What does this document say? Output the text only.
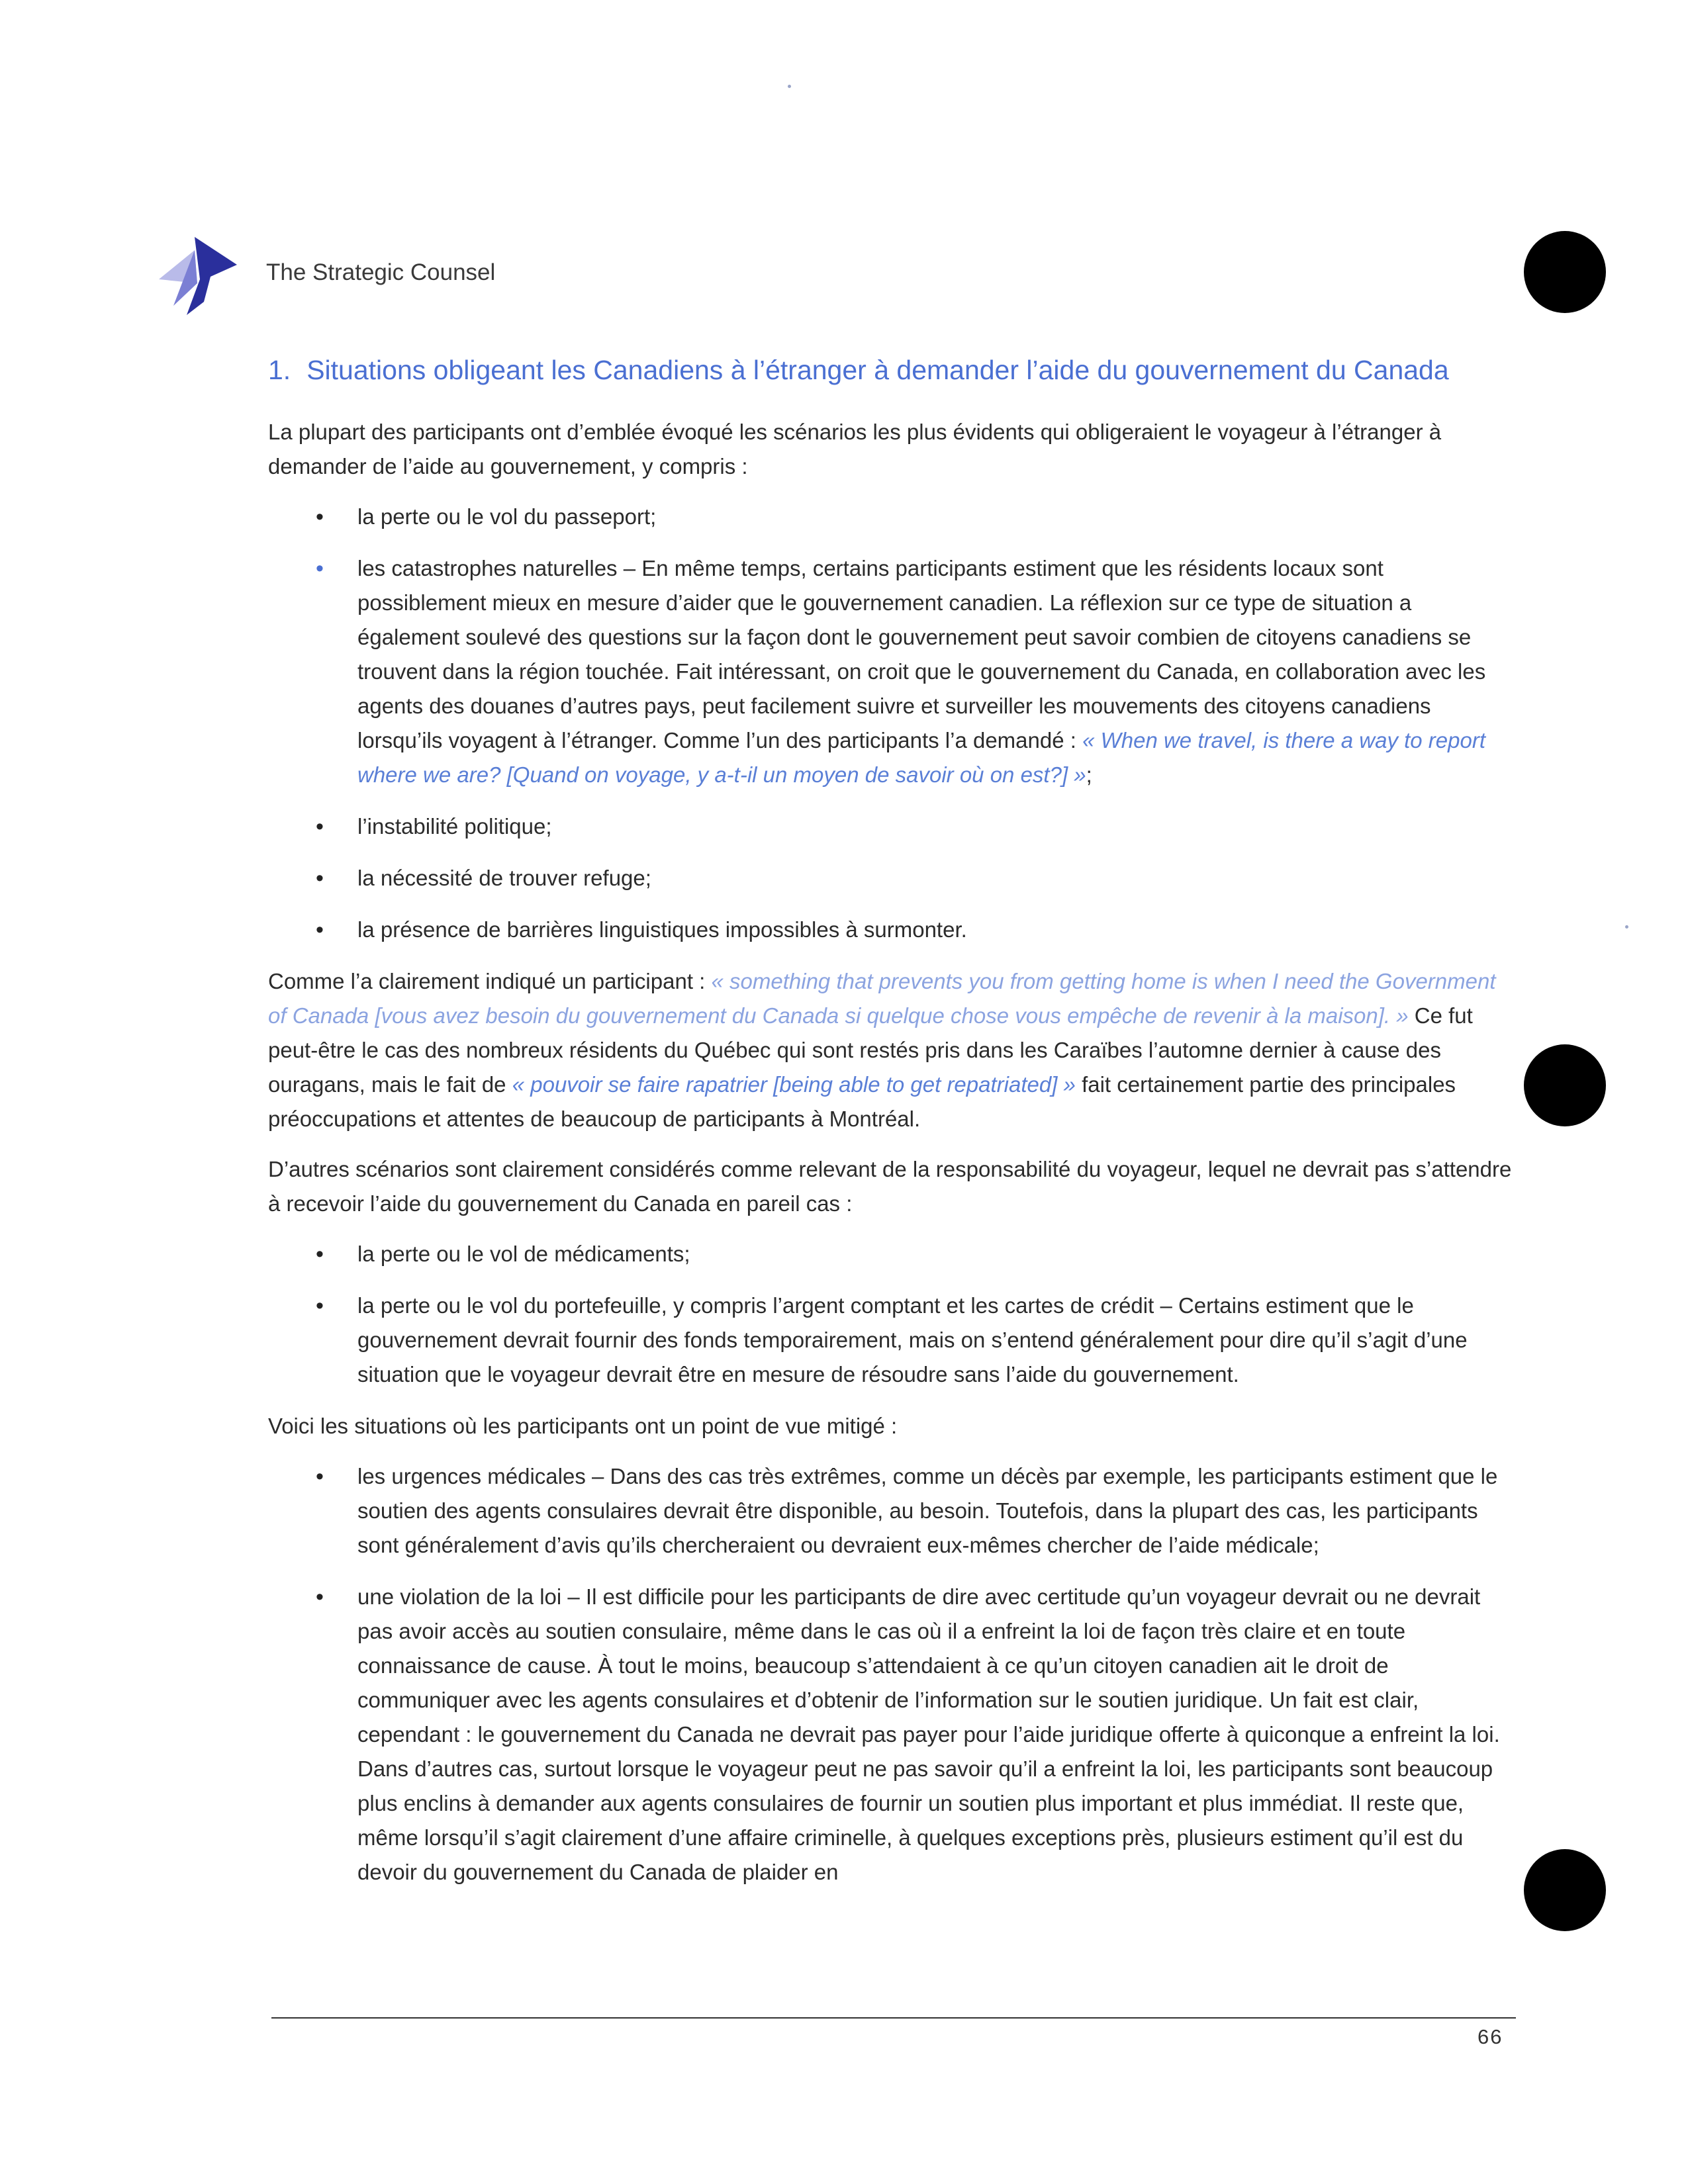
The Strategic Counsel
1. Situations obligeant les Canadiens à l’étranger à demander l’aide du gouvernement du Canada

La plupart des participants ont d’emblée évoqué les scénarios les plus évidents qui obligeraient le voyageur à l’étranger à demander de l’aide au gouvernement, y compris :

• la perte ou le vol du passeport;
• les catastrophes naturelles – En même temps, certains participants estiment que les résidents locaux sont possiblement mieux en mesure d’aider que le gouvernement canadien. La réflexion sur ce type de situation a également soulevé des questions sur la façon dont le gouvernement peut savoir combien de citoyens canadiens se trouvent dans la région touchée. Fait intéressant, on croit que le gouvernement du Canada, en collaboration avec les agents des douanes d’autres pays, peut facilement suivre et surveiller les mouvements des citoyens canadiens lorsqu’ils voyagent à l’étranger. Comme l’un des participants l’a demandé : « When we travel, is there a way to report where we are? [Quand on voyage, y a-t-il un moyen de savoir où on est?] »;
• l’instabilité politique;
• la nécessité de trouver refuge;
• la présence de barrières linguistiques impossibles à surmonter.

Comme l’a clairement indiqué un participant : « something that prevents you from getting home is when I need the Government of Canada [vous avez besoin du gouvernement du Canada si quelque chose vous empêche de revenir à la maison]. » Ce fut peut-être le cas des nombreux résidents du Québec qui sont restés pris dans les Caraïbes l’automne dernier à cause des ouragans, mais le fait de « pouvoir se faire rapatrier [being able to get repatriated] » fait certainement partie des principales préoccupations et attentes de beaucoup de participants à Montréal.

D’autres scénarios sont clairement considérés comme relevant de la responsabilité du voyageur, lequel ne devrait pas s’attendre à recevoir l’aide du gouvernement du Canada en pareil cas :

• la perte ou le vol de médicaments;
• la perte ou le vol du portefeuille, y compris l’argent comptant et les cartes de crédit – Certains estiment que le gouvernement devrait fournir des fonds temporairement, mais on s’entend généralement pour dire qu’il s’agit d’une situation que le voyageur devrait être en mesure de résoudre sans l’aide du gouvernement.

Voici les situations où les participants ont un point de vue mitigé :

• les urgences médicales – Dans des cas très extrêmes, comme un décès par exemple, les participants estiment que le soutien des agents consulaires devrait être disponible, au besoin. Toutefois, dans la plupart des cas, les participants sont généralement d’avis qu’ils chercheraient ou devraient eux-mêmes chercher de l’aide médicale;
• une violation de la loi – Il est difficile pour les participants de dire avec certitude qu’un voyageur devrait ou ne devrait pas avoir accès au soutien consulaire, même dans le cas où il a enfreint la loi de façon très claire et en toute connaissance de cause. À tout le moins, beaucoup s’attendaient à ce qu’un citoyen canadien ait le droit de communiquer avec les agents consulaires et d’obtenir de l’information sur le soutien juridique. Un fait est clair, cependant : le gouvernement du Canada ne devrait pas payer pour l’aide juridique offerte à quiconque a enfreint la loi. Dans d’autres cas, surtout lorsque le voyageur peut ne pas savoir qu’il a enfreint la loi, les participants sont beaucoup plus enclins à demander aux agents consulaires de fournir un soutien plus important et plus immédiat. Il reste que, même lorsqu’il s’agit clairement d’une affaire criminelle, à quelques exceptions près, plusieurs estiment qu’il est du devoir du gouvernement du Canada de plaider en
66
